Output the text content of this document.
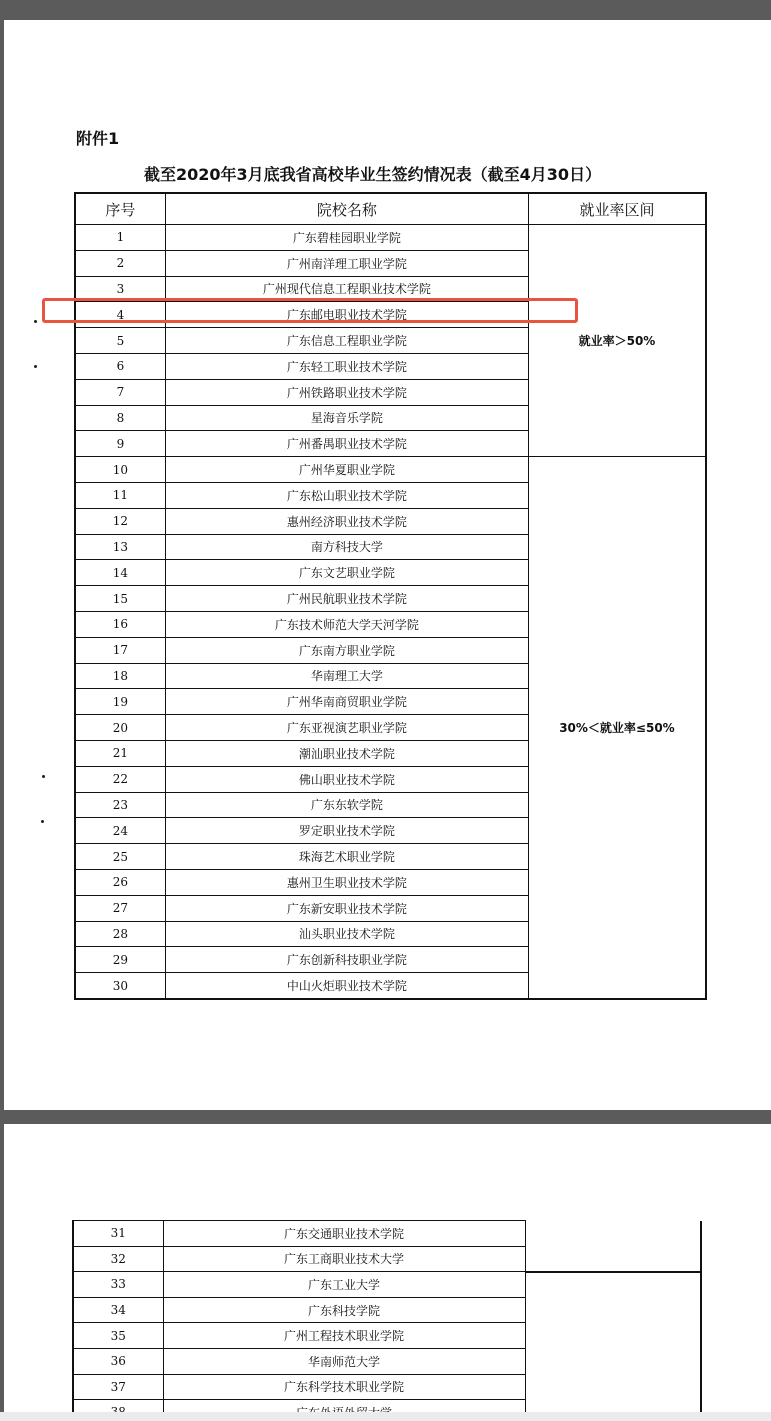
附件1
截至2020年3月底我省高校毕业生签约情况表（截至4月30日）
序号	院校名称	就业率区间
1	广东碧桂园职业学院	就业率＞50%
2	广州南洋理工职业学院	
3	广州现代信息工程职业技术学院	
4	广东邮电职业技术学院	
5	广东信息工程职业学院	
6	广东轻工职业技术学院	
7	广州铁路职业技术学院	
8	星海音乐学院	
9	广州番禺职业技术学院	
10	广州华夏职业学院	30%＜就业率≤50%
11	广东松山职业技术学院	
12	惠州经济职业技术学院	
13	南方科技大学	
14	广东文艺职业学院	
15	广州民航职业技术学院	
16	广东技术师范大学天河学院	
17	广东南方职业学院	
18	华南理工大学	
19	广州华南商贸职业学院	
20	广东亚视演艺职业学院	
21	潮汕职业技术学院	
22	佛山职业技术学院	
23	广东东软学院	
24	罗定职业技术学院	
25	珠海艺术职业学院	
26	惠州卫生职业技术学院	
27	广东新安职业技术学院	
28	汕头职业技术学院	
29	广东创新科技职业学院	
30	中山火炬职业技术学院	
31	广东交通职业技术学院	
32	广东工商职业技术大学	
33	广东工业大学	
34	广东科技学院	
35	广州工程技术职业学院	
36	华南师范大学	
37	广东科学技术职业学院	
